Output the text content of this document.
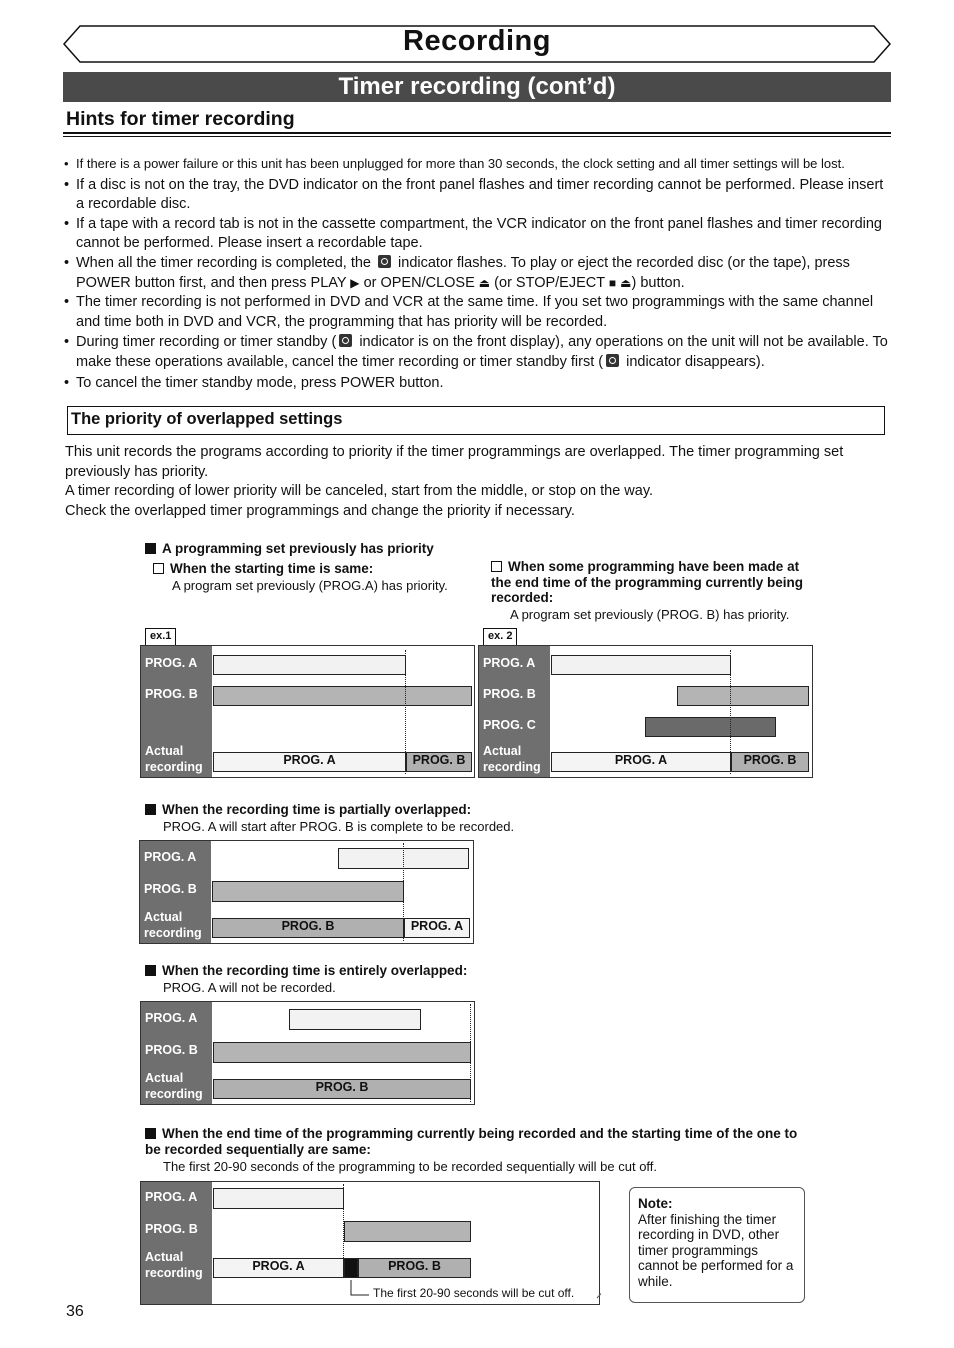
Recording
Timer recording (cont’d)
Hints for timer recording
• If there is a power failure or this unit has been unplugged for more than 30 seconds, the clock setting and all timer settings will be lost.
• If a disc is not on the tray, the DVD indicator on the front panel flashes and timer recording cannot be performed. Please insert a recordable disc.
• If a tape with a record tab is not in the cassette compartment, the VCR indicator on the front panel flashes and timer recording cannot be performed. Please insert a recordable tape.
• When all the timer recording is completed, the indicator flashes. To play or eject the recorded disc (or the tape), press POWER button first, and then press PLAY ▶ or OPEN/CLOSE ⏏ (or STOP/EJECT ■ ⏏) button.
• The timer recording is not performed in DVD and VCR at the same time. If you set two programmings with the same channel and time both in DVD and VCR, the programming that has priority will be recorded.
• During timer recording or timer standby ( indicator is on the front display), any operations on the unit will not be available. To make these operations available, cancel the timer recording or timer standby first ( indicator disappears).
• To cancel the timer standby mode, press POWER button.
The priority of overlapped settings
This unit records the programs according to priority if the timer programmings are overlapped. The timer programming set previously has priority.
A timer recording of lower priority will be canceled, start from the middle, or stop on the way.
Check the overlapped timer programmings and change the priority if necessary.
A programming set previously has priority
When the starting time is same:
A program set previously (PROG.A) has priority.
When some programming have been made at the end time of the programming currently being recorded:
A program set previously (PROG. B) has priority.
ex.1
PROG. A
PROG. B
Actual
recording	PROG. A	PROG. B
ex. 2
PROG. A
PROG. B
PROG. C
Actual
recording	PROG. A	PROG. B
When the recording time is partially overlapped:
PROG. A will start after PROG. B is complete to be recorded.
PROG. A
PROG. B
Actual
recording	PROG. B	PROG. A
When the recording time is entirely overlapped:
PROG. A will not be recorded.
PROG. A
PROG. B
Actual
recording	PROG. B
When the end time of the programming currently being recorded and the starting time of the one to be recorded sequentially are same:
The first 20-90 seconds of the programming to be recorded sequentially will be cut off.
PROG. A
PROG. B
Actual
recording	PROG. A	PROG. B
The first 20-90 seconds will be cut off.
Note:
After finishing the timer recording in DVD, other timer programmings cannot be performed for a while.
36
